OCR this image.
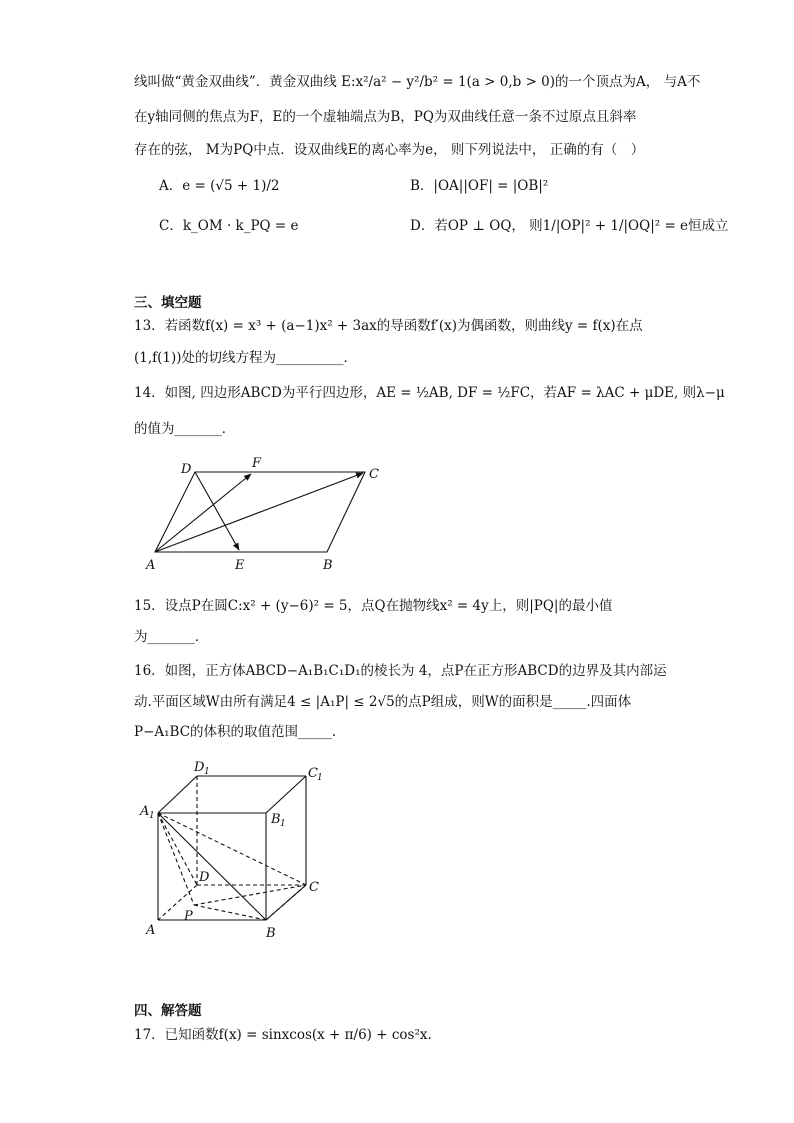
线叫做“黄金双曲线”．黄金双曲线 E:x²/a² − y²/b² = 1(a > 0,b > 0)的一个顶点为A， 与A不
在y轴同侧的焦点为F，E的一个虚轴端点为B，PQ为双曲线任意一条不过原点且斜率
存在的弦， M为PQ中点．设双曲线E的离心率为e， 则下列说法中， 正确的有（　）
A．e = (√5 + 1)/2	B．|OA||OF| = |OB|²
C．k_OM · k_PQ = e	D．若OP ⊥ OQ， 则1/|OP|² + 1/|OQ|² = e恒成立
三、填空题
13．若函数f(x) = x³ + (a−1)x² + 3ax的导函数f′(x)为偶函数，则曲线y = f(x)在点
(1,f(1))处的切线方程为__________．
14．如图, 四边形ABCD为平行四边形，AE = ½AB, DF = ½FC，若AF = λAC + μDE, 则λ−μ
的值为_______．
A	E	B
C
D	F
15．设点P在圆C:x² + (y−6)² = 5，点Q在抛物线x² = 4y上，则|PQ|的最小值
为_______．
16．如图，正方体ABCD−A₁B₁C₁D₁的棱长为 4，点P在正方形ABCD的边界及其内部运
动.平面区域W由所有满足4 ≤ |A₁P| ≤ 2√5的点P组成，则W的面积是_____.四面体
P−A₁BC的体积的取值范围_____.
A	B
C
D
P
A 1	B 1
C 1
D 1
四、解答题
17．已知函数f(x) = sinxcos(x + π/6) + cos²x.
